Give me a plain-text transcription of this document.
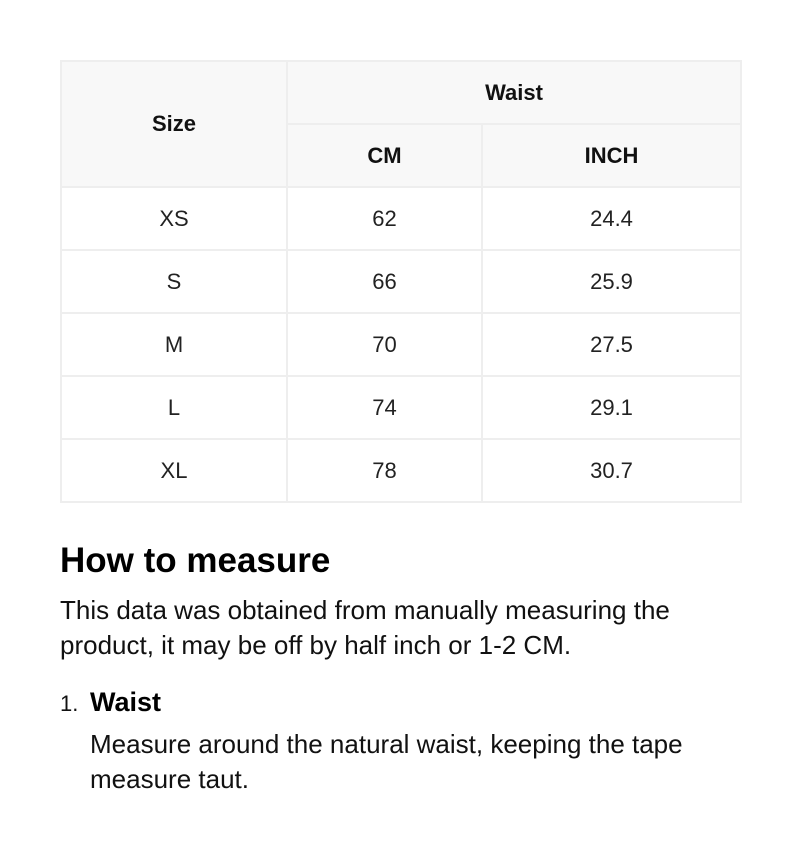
Size	Waist	
	CM	INCH
XS	62	24.4
S	66	25.9
M	70	27.5
L	74	29.1
XL	78	30.7
How to measure

This data was obtained from manually measuring the product, it may be off by half inch or 1-2 CM.

1. Waist
Measure around the natural waist, keeping the tape measure taut.
